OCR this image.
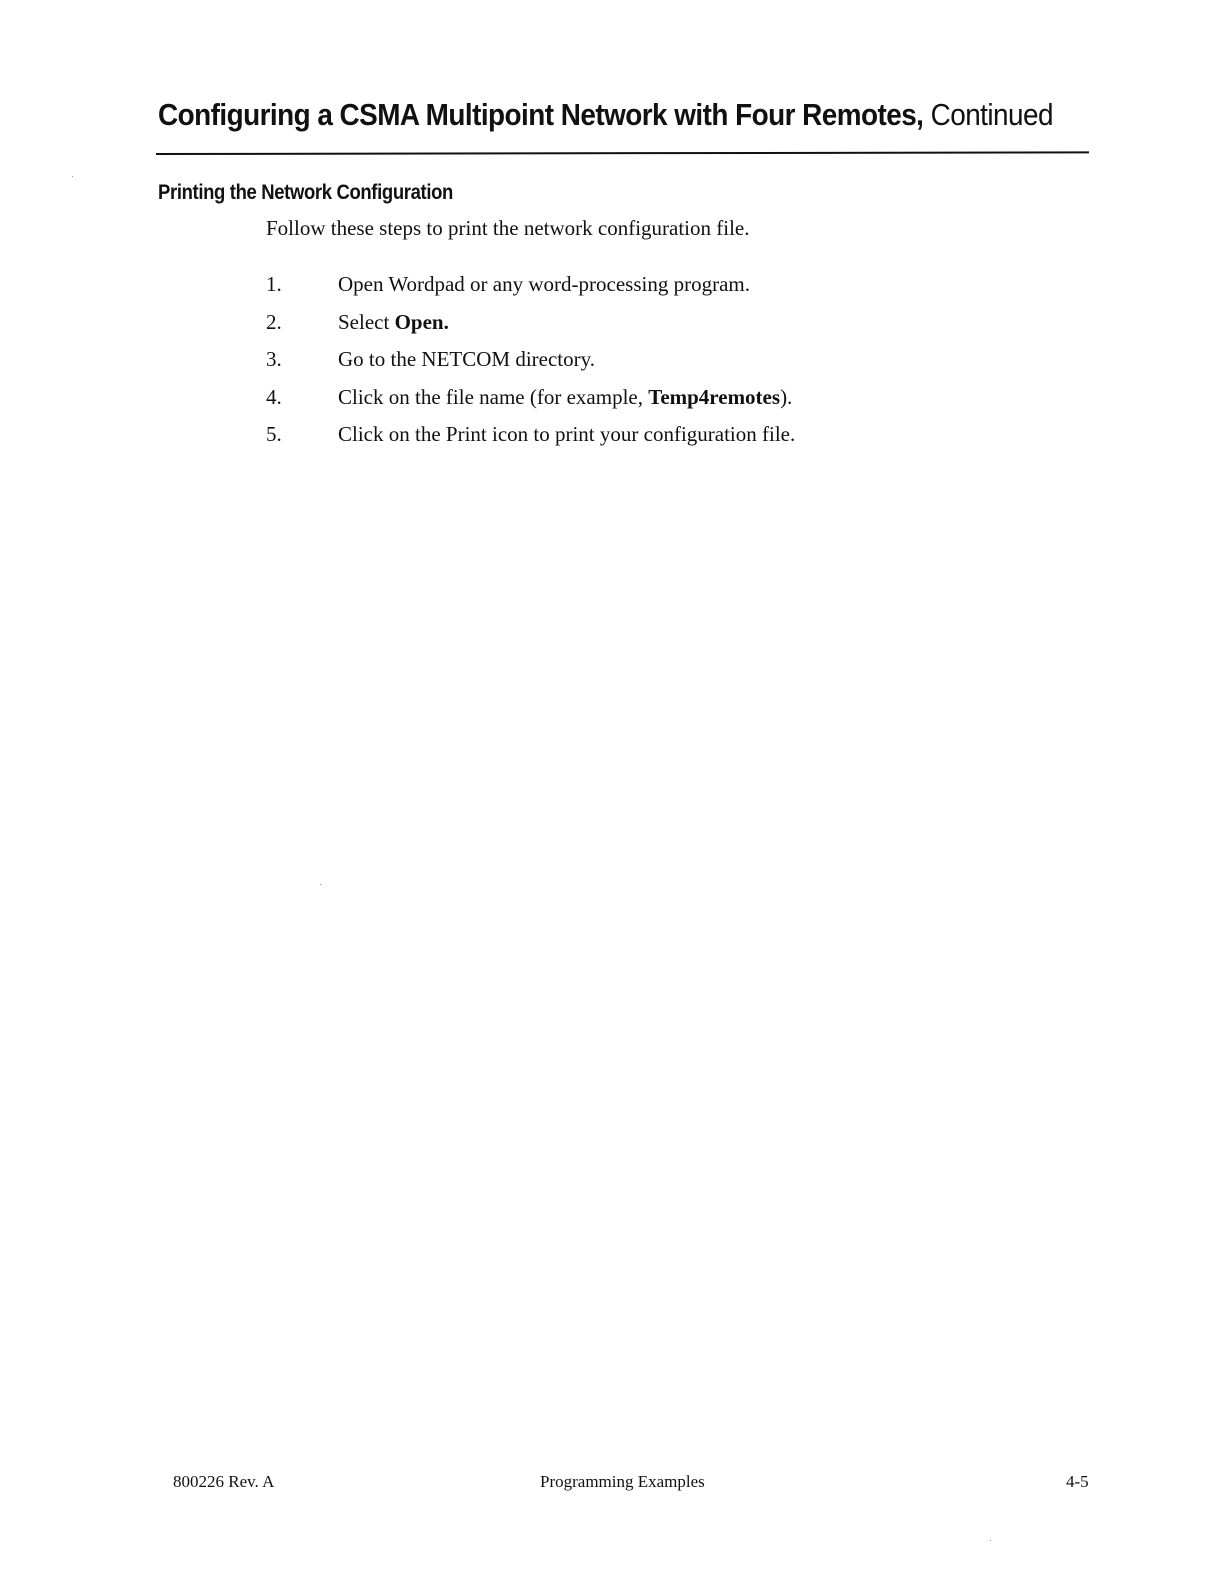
Configuring a CSMA Multipoint Network with Four Remotes, Continued
Printing the Network Configuration

Follow these steps to print the network configuration file.

1.	Open Wordpad or any word-processing program.
2.	Select Open.
3.	Go to the NETCOM directory.
4.	Click on the file name (for example, Temp4remotes).
5.	Click on the Print icon to print your configuration file.
800226 Rev. A	Programming Examples	4-5
